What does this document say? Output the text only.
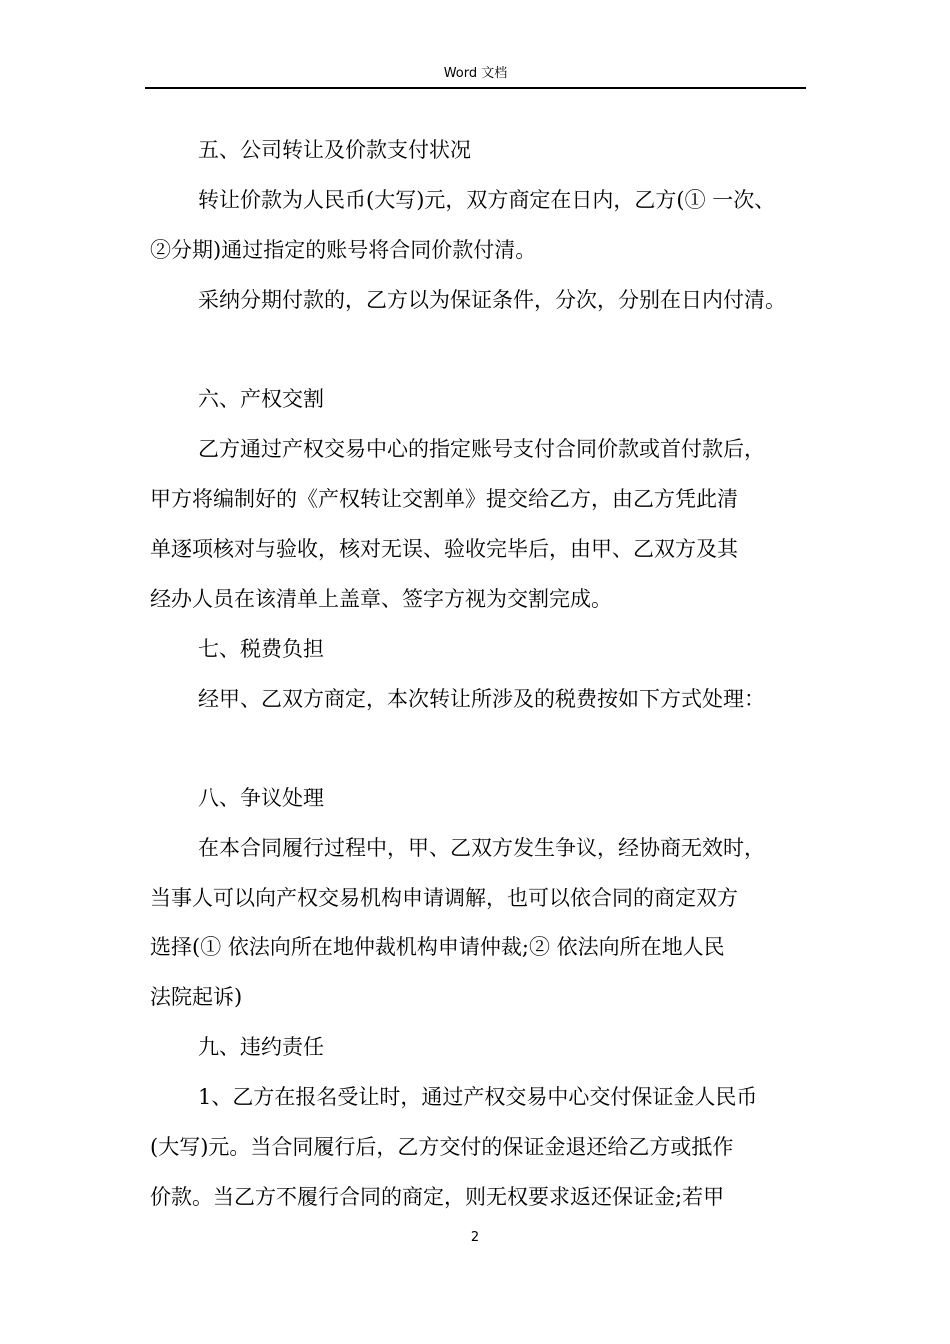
Word 文档
五、公司转让及价款支付状况
转让价款为人民币(大写)元，双方商定在日内，乙方(① 一次、
②分期)通过指定的账号将合同价款付清。
采纳分期付款的，乙方以为保证条件，分次，分别在日内付清。
六、产权交割
乙方通过产权交易中心的指定账号支付合同价款或首付款后，
甲方将编制好的《产权转让交割单》提交给乙方，由乙方凭此清
单逐项核对与验收，核对无误、验收完毕后，由甲、乙双方及其
经办人员在该清单上盖章、签字方视为交割完成。
七、税费负担
经甲、乙双方商定，本次转让所涉及的税费按如下方式处理：
八、争议处理
在本合同履行过程中，甲、乙双方发生争议，经协商无效时，
当事人可以向产权交易机构申请调解，也可以依合同的商定双方
选择(① 依法向所在地仲裁机构申请仲裁;② 依法向所在地人民
法院起诉)
九、违约责任
1、乙方在报名受让时，通过产权交易中心交付保证金人民币
(大写)元。当合同履行后，乙方交付的保证金退还给乙方或抵作
价款。当乙方不履行合同的商定，则无权要求返还保证金;若甲
2
